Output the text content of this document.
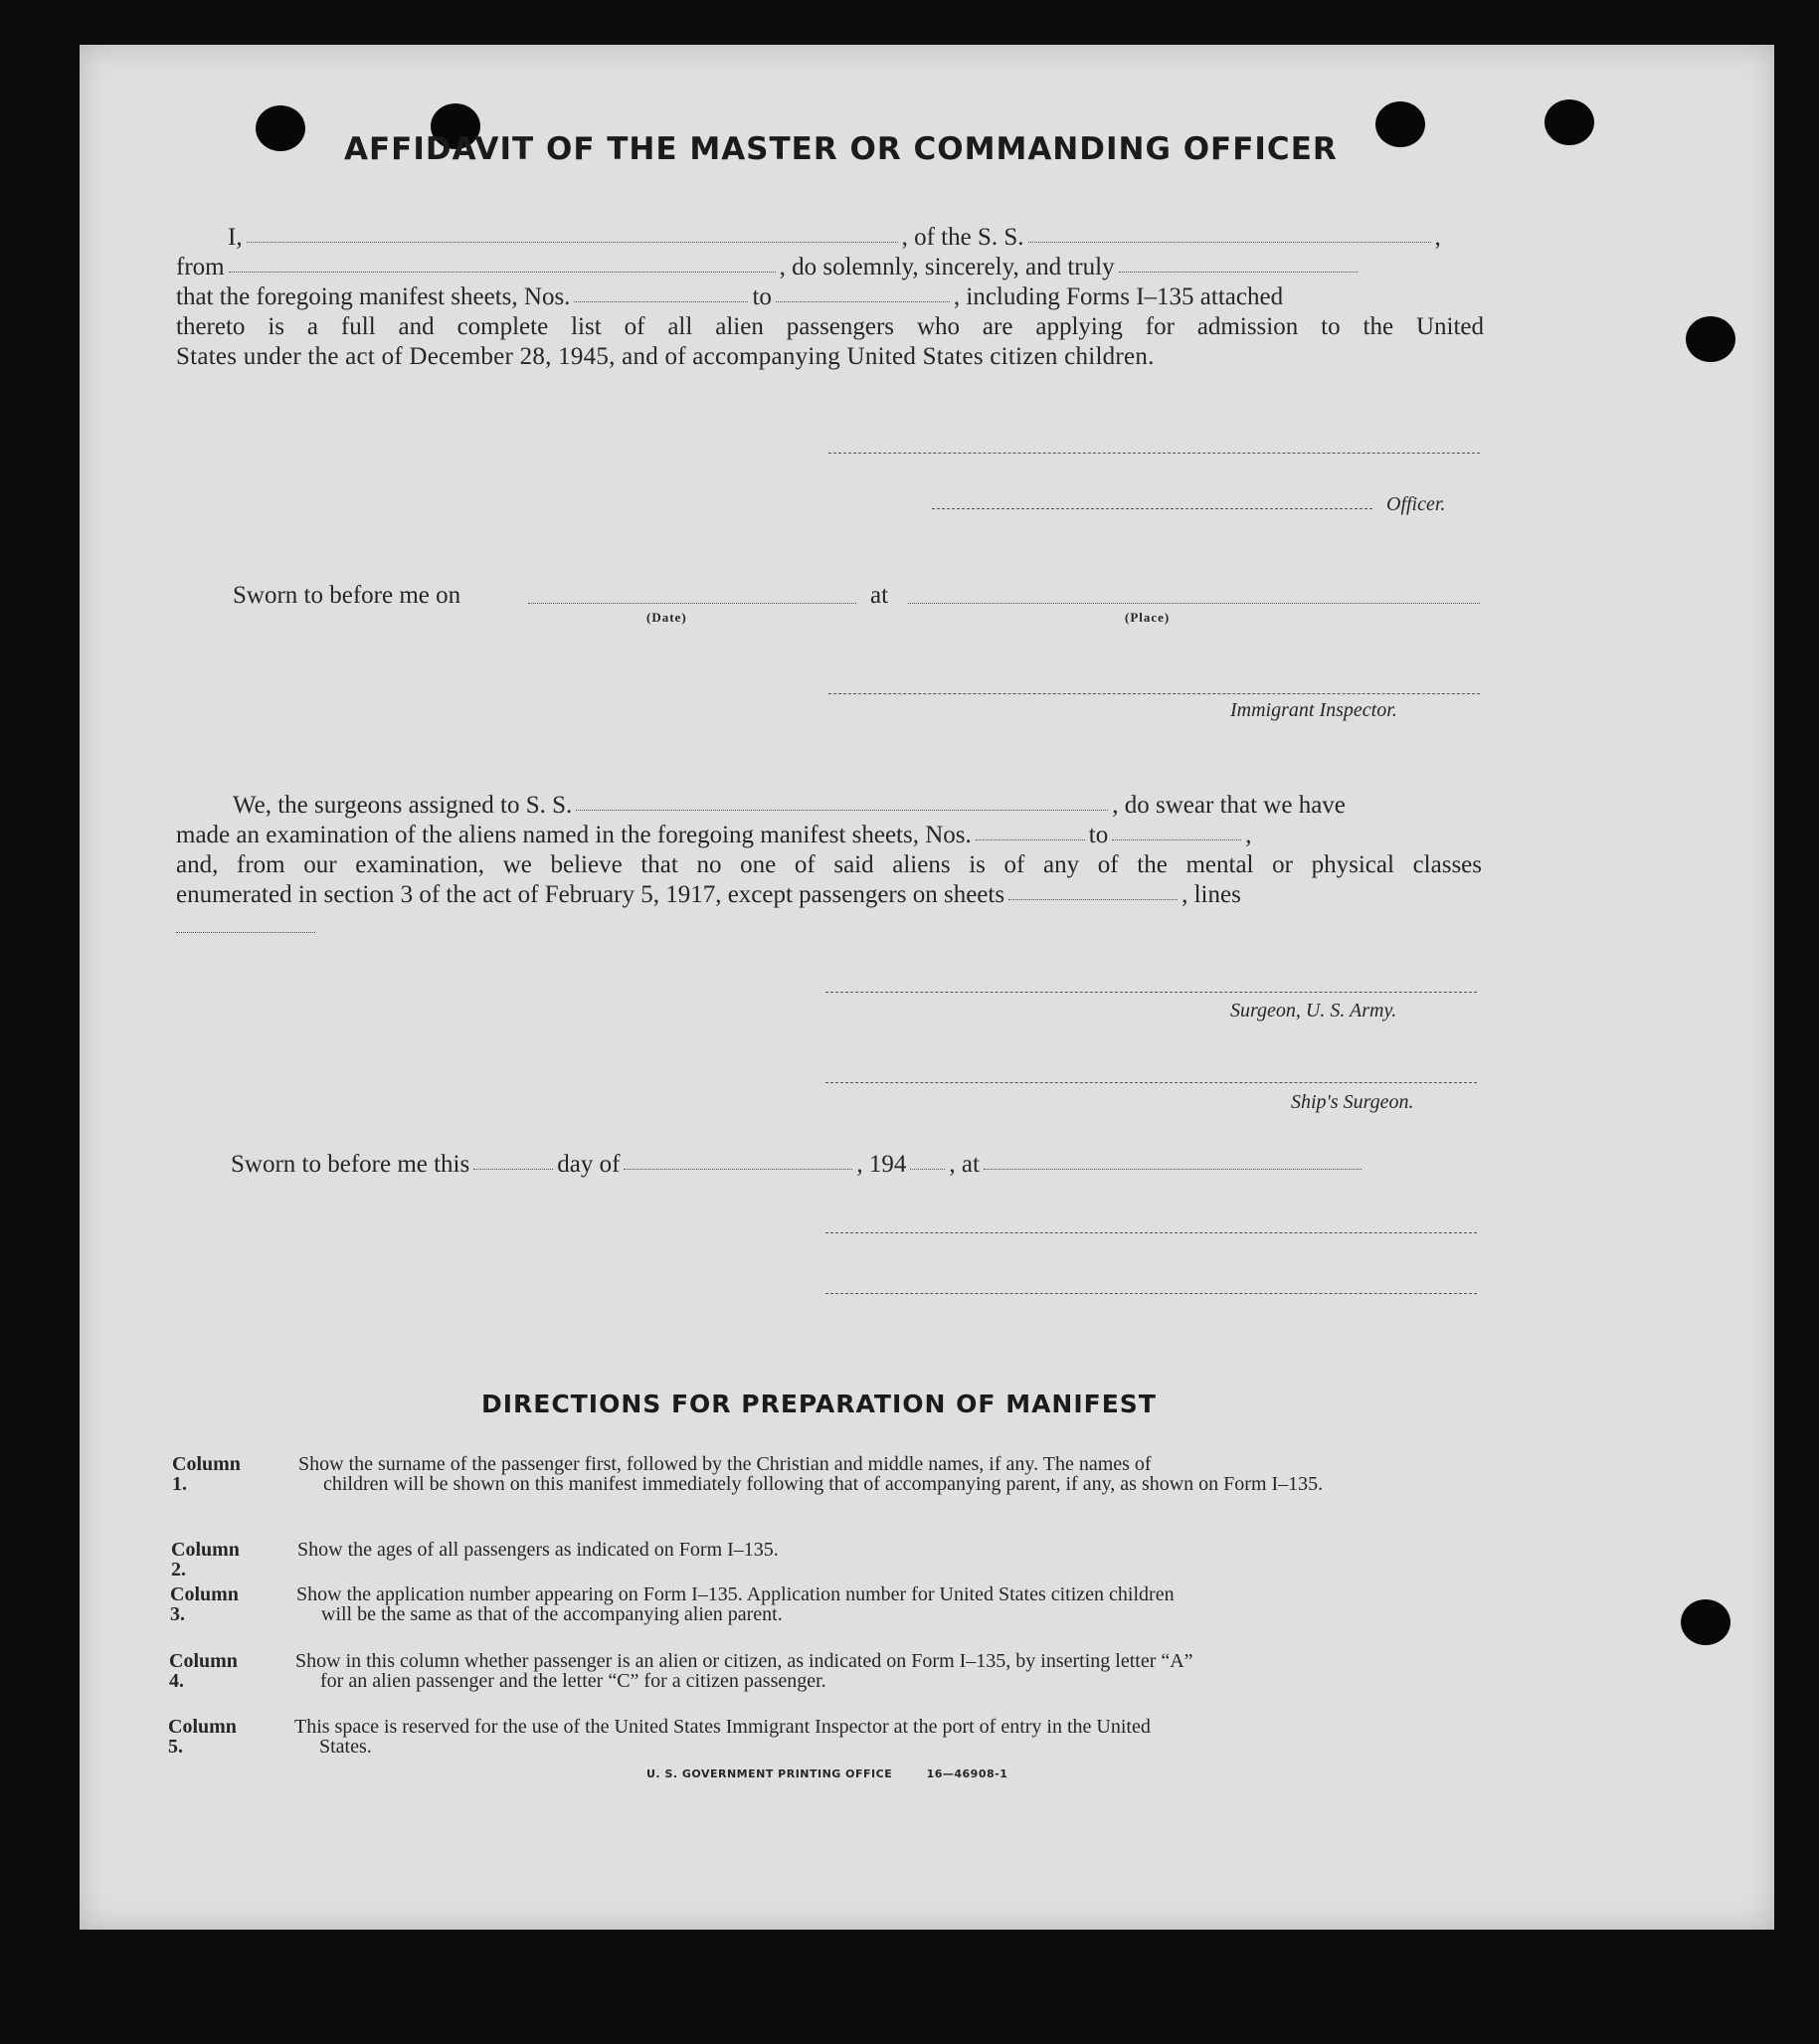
AFFIDAVIT OF THE MASTER OR COMMANDING OFFICER
I,	, of the S. S.	,
from	, do solemnly, sincerely, and truly
that the foregoing manifest sheets, Nos.	to	, including Forms I–135 attached
thereto is a full and complete list of all alien passengers who are applying for admission to the United
States under the act of December 28, 1945, and of accompanying United States citizen children.
Officer.
Sworn to before me on	at
(Date)	(Place)
Immigrant Inspector.
We, the surgeons assigned to S. S.	, do swear that we have
made an examination of the aliens named in the foregoing manifest sheets, Nos.	to	,
and, from our examination, we believe that no one of said aliens is of any of the mental or physical classes
enumerated in section 3 of the act of February 5, 1917, except passengers on sheets	, lines
Surgeon, U. S. Army.
Ship's Surgeon.
Sworn to before me this	day of	, 194 , at
DIRECTIONS FOR PREPARATION OF MANIFEST
Column 1.
Show the surname of the passenger first, followed by the Christian and middle names, if any. The names of
children will be shown on this manifest immediately following that of accompanying parent, if any, as shown on Form I–135.
Column 2.
Show the ages of all passengers as indicated on Form I–135.
Column 3.
Show the application number appearing on Form I–135. Application number for United States citizen children
will be the same as that of the accompanying alien parent.
Column 4.
Show in this column whether passenger is an alien or citizen, as indicated on Form I–135, by inserting letter “A”
for an alien passenger and the letter “C” for a citizen passenger.
Column 5.
This space is reserved for the use of the United States Immigrant Inspector at the port of entry in the United
States.
U. S. GOVERNMENT PRINTING OFFICE	16—46908-1
